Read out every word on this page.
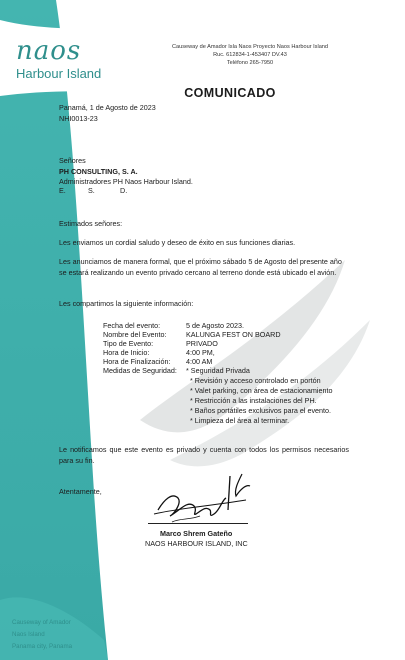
naos
Harbour Island
Causeway de Amador Isla Naos Proyecto Naos Harbour Island
Ruc. 612834-1-453407 DV.43
Teléfono 265-7950
COMUNICADO
Panamá, 1 de Agosto de 2023
NHI0013-23
Señores
PH CONSULTING, S. A.
Administradores PH Naos Harbour Island.
E.	S.	D.
Estimados señores:
Les enviamos un cordial saludo y deseo de éxito en sus funciones diarias.
Les anunciamos de manera formal, que el próximo sábado 5 de Agosto del presente año se estará realizando un evento privado cercano al terreno donde está ubicado el avión.
Les compartimos la siguiente información:
Fecha del evento:	5 de Agosto 2023.
Nombre del Evento:	KALUNGA FEST ON BOARD
Tipo de Evento:	PRIVADO
Hora de Inicio:	4:00 PM,
Hora de Finalización: 4:00 AM
Medidas de Seguridad: * Seguridad Privada
* Revisión y acceso controlado en portón
* Valet parking, con área de estacionamiento
* Restricción a las instalaciones del PH.
* Baños portátiles exclusivos para el evento.
* Limpieza del área al terminar.
Le notificamos que este evento es privado y cuenta con todos los permisos necesarios para su fin.
Atentamente,
Marco Shrem Gateño
NAOS HARBOUR ISLAND, INC
Causeway of Amador
Naos Island
Panama city, Panama
